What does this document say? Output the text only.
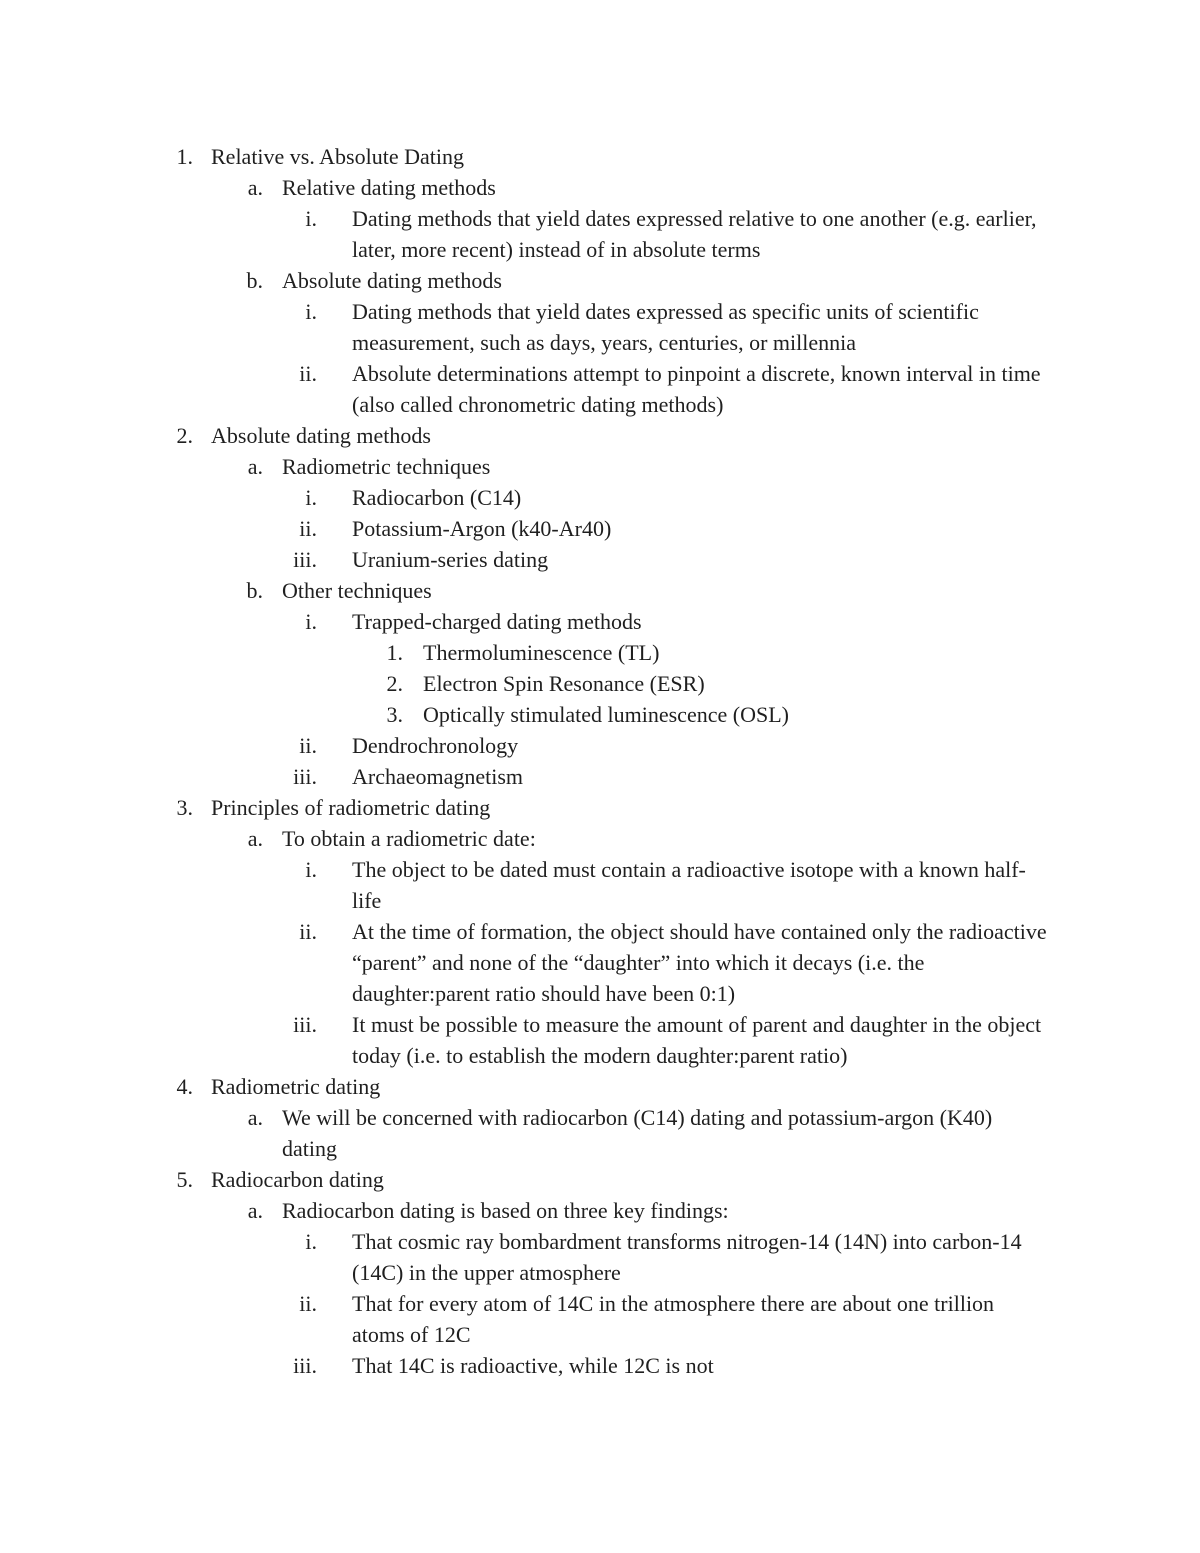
1. Relative vs. Absolute Dating
a. Relative dating methods
i. Dating methods that yield dates expressed relative to one another (e.g. earlier, later, more recent) instead of in absolute terms
b. Absolute dating methods
i. Dating methods that yield dates expressed as specific units of scientific measurement, such as days, years, centuries, or millennia
ii. Absolute determinations attempt to pinpoint a discrete, known interval in time (also called chronometric dating methods)
2. Absolute dating methods
a. Radiometric techniques
i. Radiocarbon (C14)
ii. Potassium-Argon (k40-Ar40)
iii. Uranium-series dating
b. Other techniques
i. Trapped-charged dating methods
1. Thermoluminescence (TL)
2. Electron Spin Resonance (ESR)
3. Optically stimulated luminescence (OSL)
ii. Dendrochronology
iii. Archaeomagnetism
3. Principles of radiometric dating
a. To obtain a radiometric date:
i. The object to be dated must contain a radioactive isotope with a known half-life
ii. At the time of formation, the object should have contained only the radioactive “parent” and none of the “daughter” into which it decays (i.e. the daughter:parent ratio should have been 0:1)
iii. It must be possible to measure the amount of parent and daughter in the object today (i.e. to establish the modern daughter:parent ratio)
4. Radiometric dating
a. We will be concerned with radiocarbon (C14) dating and potassium-argon (K40) dating
5. Radiocarbon dating
a. Radiocarbon dating is based on three key findings:
i. That cosmic ray bombardment transforms nitrogen-14 (14N) into carbon-14 (14C) in the upper atmosphere
ii. That for every atom of 14C in the atmosphere there are about one trillion atoms of 12C
iii. That 14C is radioactive, while 12C is not
